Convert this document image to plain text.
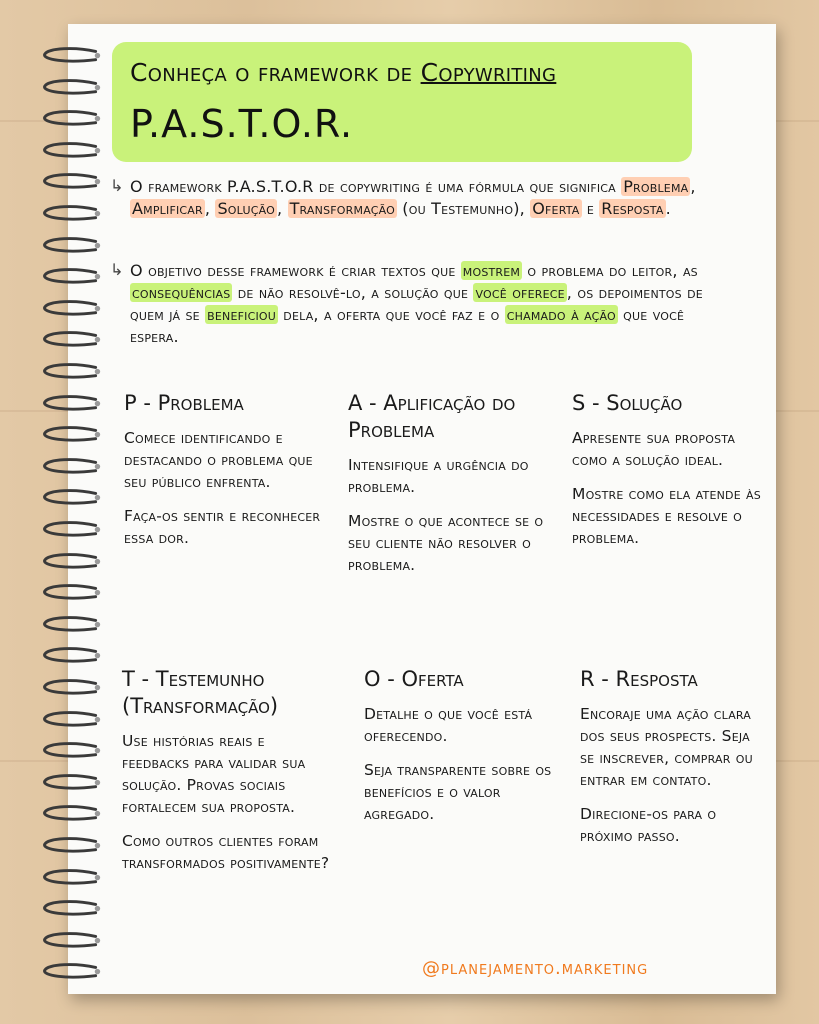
Conheça o framework de Copywriting
P.A.S.T.O.R.
↳ O framework P.A.S.T.O.R de copywriting é uma fórmula que significa Problema , Amplificar , Solução , Transformação (ou Testemunho), Oferta e Resposta .
↳ O objetivo desse framework é criar textos que mostrem o problema do leitor, as consequências de não resolvê-lo, a solução que você oferece , os depoimentos de quem já se beneficiou dela, a oferta que você faz e o chamado à ação que você espera.
P - Problema

Comece identificando e destacando o problema que seu público enfrenta.

Faça-os sentir e reconhecer essa dor.

A - Aplificação do Problema

Intensifique a urgência do problema.

Mostre o que acontece se o seu cliente não resolver o problema.

S - Solução

Apresente sua proposta como a solução ideal.

Mostre como ela atende às necessidades e resolve o problema.

T - Testemunho (Transformação)

Use histórias reais e feedbacks para validar sua solução. Provas sociais fortalecem sua proposta.

Como outros clientes foram transformados positivamente?

O - Oferta

Detalhe o que você está oferecendo.

Seja transparente sobre os benefícios e o valor agregado.

R - Resposta

Encoraje uma ação clara dos seus prospects. Seja se inscrever, comprar ou entrar em contato.

Direcione-os para o próximo passo.

@planejamento.marketing
